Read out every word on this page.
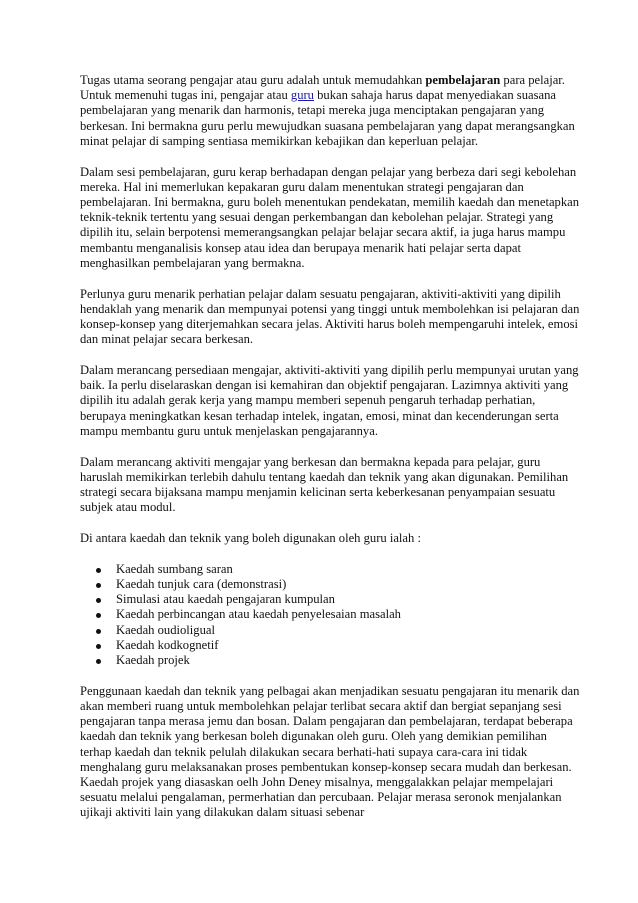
Tugas utama seorang pengajar atau guru adalah untuk memudahkan pembelajaran para pelajar. Untuk memenuhi tugas ini, pengajar atau guru bukan sahaja harus dapat menyediakan suasana pembelajaran yang menarik dan harmonis, tetapi mereka juga menciptakan pengajaran yang berkesan. Ini bermakna guru perlu mewujudkan suasana pembelajaran yang dapat merangsangkan minat pelajar di samping sentiasa memikirkan kebajikan dan keperluan pelajar.

Dalam sesi pembelajaran, guru kerap berhadapan dengan pelajar yang berbeza dari segi kebolehan mereka. Hal ini memerlukan kepakaran guru dalam menentukan strategi pengajaran dan pembelajaran. Ini bermakna, guru boleh menentukan pendekatan, memilih kaedah dan menetapkan teknik-teknik tertentu yang sesuai dengan perkembangan dan kebolehan pelajar. Strategi yang dipilih itu, selain berpotensi memerangsangkan pelajar belajar secara aktif, ia juga harus mampu membantu menganalisis konsep atau idea dan berupaya menarik hati pelajar serta dapat menghasilkan pembelajaran yang bermakna.

Perlunya guru menarik perhatian pelajar dalam sesuatu pengajaran, aktiviti-aktiviti yang dipilih hendaklah yang menarik dan mempunyai potensi yang tinggi untuk membolehkan isi pelajaran dan konsep-konsep yang diterjemahkan secara jelas. Aktiviti harus boleh mempengaruhi intelek, emosi dan minat pelajar secara berkesan.

Dalam merancang persediaan mengajar, aktiviti-aktiviti yang dipilih perlu mempunyai urutan yang baik. Ia perlu diselaraskan dengan isi kemahiran dan objektif pengajaran. Lazimnya aktiviti yang dipilih itu adalah gerak kerja yang mampu memberi sepenuh pengaruh terhadap perhatian, berupaya meningkatkan kesan terhadap intelek, ingatan, emosi, minat dan kecenderungan serta mampu membantu guru untuk menjelaskan pengajarannya.

Dalam merancang aktiviti mengajar yang berkesan dan bermakna kepada para pelajar, guru haruslah memikirkan terlebih dahulu tentang kaedah dan teknik yang akan digunakan. Pemilihan strategi secara bijaksana mampu menjamin kelicinan serta keberkesanan penyampaian sesuatu subjek atau modul.

Di antara kaedah dan teknik yang boleh digunakan oleh guru ialah :

Kaedah sumbang saran
Kaedah tunjuk cara (demonstrasi)
Simulasi atau kaedah pengajaran kumpulan
Kaedah perbincangan atau kaedah penyelesaian masalah
Kaedah oudioligual
Kaedah kodkognetif
Kaedah projek

Penggunaan kaedah dan teknik yang pelbagai akan menjadikan sesuatu pengajaran itu menarik dan akan memberi ruang untuk membolehkan pelajar terlibat secara aktif dan bergiat sepanjang sesi pengajaran tanpa merasa jemu dan bosan. Dalam pengajaran dan pembelajaran, terdapat beberapa kaedah dan teknik yang berkesan boleh digunakan oleh guru. Oleh yang demikian pemilihan terhap kaedah dan teknik pelulah dilakukan secara berhati-hati supaya cara-cara ini tidak menghalang guru melaksanakan proses pembentukan konsep-konsep secara mudah dan berkesan. Kaedah projek yang diasaskan oelh John Deney misalnya, menggalakkan pelajar mempelajari sesuatu melalui pengalaman, permerhatian dan percubaan. Pelajar merasa seronok menjalankan ujikaji aktiviti lain yang dilakukan dalam situasi sebenar
